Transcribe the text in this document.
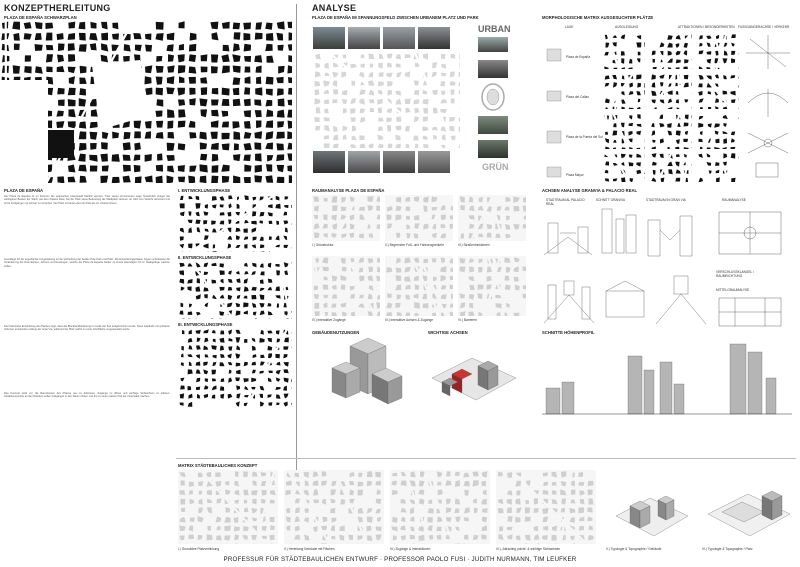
KONZEPTHERLEITUNG
PLAZA DE ESPAÑA SCHWARZPLAN
PLAZA DE ESPAÑA
Der Plaza de España ist im Zentrum der spanischen Hauptstadt Madrid verortet. Trotz seiner prominenten Lage hinsichtlich einiger der wichtigsten Bauten der Stadt, wie dem Palacio Real, hat der Platz seine Bedeutung als Stadtplatz verloren. Er wird vom Verkehr dominiert und ist für Fußgänger nur schwer zu erreichen. Der Platz ist heute eher ein Park als ein urbaner Raum.
Grundlage für die angedachte Umgestaltung ist die Verbindung der beiden Pole Park und Platz. Die Entwicklungsphasen zeigen schrittweise die Veränderung der Raumkanten, Achsen und Nutzungen, welche die Plaza de España wieder zu einem lebendigen Ort im Stadtgefüge machen sollen.
Die historische Entwicklung des Platzes zeigt, dass die Blockrandbebauung im Laufe der Zeit aufgebrochen wurde. Neue Gebäude mit größeren Volumen entstanden entlang der Gran Via, während der Platz selbst zu einer Grünfläche umgewandelt wurde.
Das Konzept sieht vor, die Raumkanten des Platzes neu zu definieren, Zugänge zu öffnen und wichtige Sichtachsen zu stärken. Attraktionspunkte an den Rändern sollen Fußgänger in den Raum ziehen und ihn zu einem aktiven Teil der Innenstadt machen.
I. ENTWICKLUNGSPHASE
II. ENTWICKLUNGSPHASE
III. ENTWICKLUNGSPHASE
ANALYSE
PLAZA DE ESPAÑA IM SPANNUNGSFELD ZWISCHEN URBANEM PLATZ UND PARK
URBAN
GRÜN
RAUMANALYSE PLAZA DE ESPAÑA
I.) Grünstruktur	II.) Begrenzter Fuß- und Fahrzeugverkehr	III.) Straßenfunktionen
IV.) Interaktive Zugänge	IV.) Interaktive Achsen & Zugänge	VI.) Barrieren
GEBÄUDENUTZUNGEN	WICHTIGE ACHSEN
MORPHOLOGISCHE MATRIX AUSGESUCHTER PLÄTZE
LAGE	AUSGLEIDUNG	ATTRAKTIONEN / BESONDERHEITEN FUSSGÄNGERACHSE / VERKEHR
Plaza de España
Plaza del Callao
Plaza de la Puerta del Sol
Plaza Mayor
ACHSEN ANALYSE GRANVIA & PALACIO REAL
STADTRAUM AL PALACIO REAL
SCHNITT GRANVIA	STADTRAUM IN GRAN VIA	RAUMANALYSE
VERSCHLUSSKLANGEL / RAUMRICHTUNG
MITTELGRAUMALYSE
SCHNITTE HÖHENPROFIL
MATRIX STÄDTEBAULICHES KONZEPT
I.) Grundidee Platzverlinkung	II.) Herleitung Gebäude mit Flächen	III.) Zugänge & Interaktionen	IV.) „Attracting points“ & wichtige Sichtachsen	V.) Typologie & Topographie / Gebäude	VI.) Typologie & Topographie / Platz
PROFESSUR FÜR STÄDTEBAULICHEN ENTWURF · PROFESSOR PAOLO FUSI · JUDITH NURMANN, TIM LEUFKER
